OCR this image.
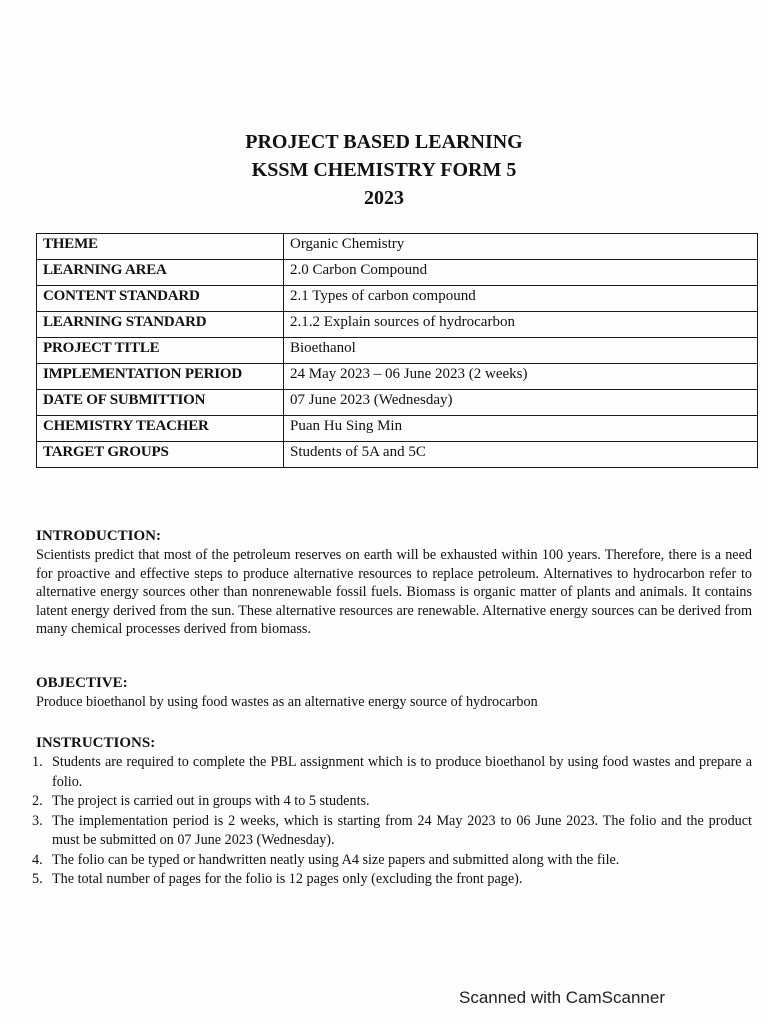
PROJECT BASED LEARNING
KSSM CHEMISTRY FORM 5
2023
THEME	Organic Chemistry
LEARNING AREA	2.0 Carbon Compound
CONTENT STANDARD	2.1 Types of carbon compound
LEARNING STANDARD	2.1.2 Explain sources of hydrocarbon
PROJECT TITLE	Bioethanol
IMPLEMENTATION PERIOD	24 May 2023 – 06 June 2023 (2 weeks)
DATE OF SUBMITTION	07 June 2023 (Wednesday)
CHEMISTRY TEACHER	Puan Hu Sing Min
TARGET GROUPS	Students of 5A and 5C
INTRODUCTION:

Scientists predict that most of the petroleum reserves on earth will be exhausted within 100 years. Therefore, there is a need for proactive and effective steps to produce alternative resources to replace petroleum. Alternatives to hydrocarbon refer to alternative energy sources other than nonrenewable fossil fuels. Biomass is organic matter of plants and animals. It contains latent energy derived from the sun. These alternative resources are renewable. Alternative energy sources can be derived from many chemical processes derived from biomass.

OBJECTIVE:

Produce bioethanol by using food wastes as an alternative energy source of hydrocarbon

INSTRUCTIONS:
1. Students are required to complete the PBL assignment which is to produce bioethanol by using food wastes and prepare a folio.
2. The project is carried out in groups with 4 to 5 students.
3. The implementation period is 2 weeks, which is starting from 24 May 2023 to 06 June 2023. The folio and the product must be submitted on 07 June 2023 (Wednesday).
4. The folio can be typed or handwritten neatly using A4 size papers and submitted along with the file.
5. The total number of pages for the folio is 12 pages only (excluding the front page).
Scanned with CamScanner
